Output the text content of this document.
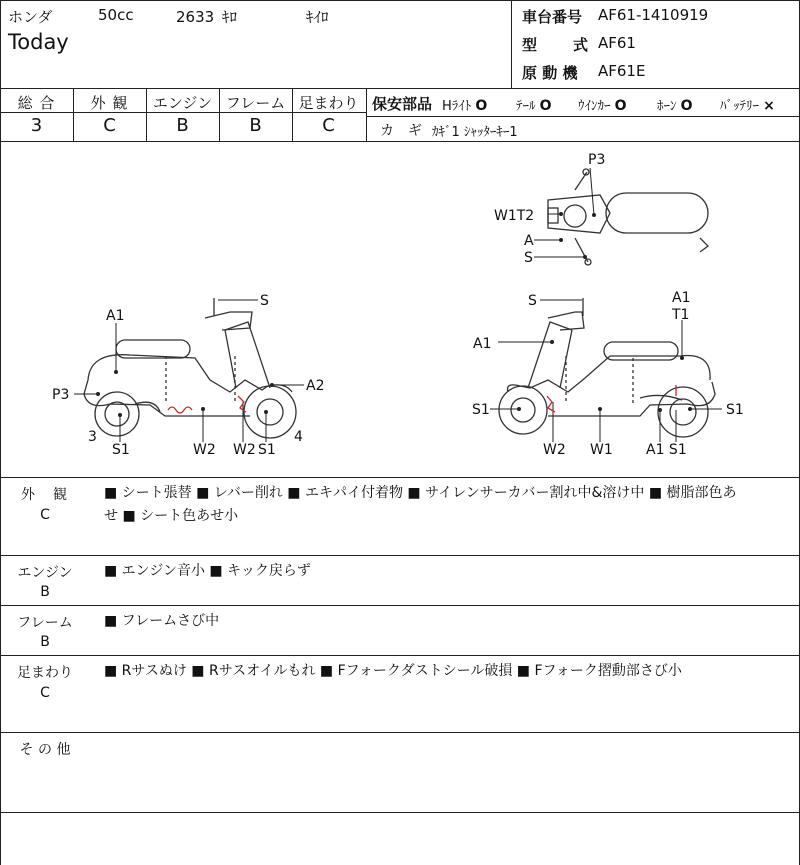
ホンダ	50cc	2633 ｷﾛ	ｷｲﾛ
Today
車台番号 AF61-1410919
型 式 AF61
原 動 機 AF61E
総 合	外 観	エンジン フレーム 足まわり
3	C	B	B	C
保安部品 Hﾗｲﾄ O ﾃｰﾙ O ｳｲﾝｶｰ O ﾎｰﾝ O ﾊﾞｯﾃﾘｰ ×
カ　ギ ｶｷﾞ1 ｼｬｯﾀｰｷｰ1
P3
W1T2
A
S
S
A1
P3
A2
3
S1	W2 W2 S1
4
S	A1
T1
A1
S1	S1
W2 W1 A1 S1
外　観
C
■ シート張替 ■ レバー削れ ■ エキパイ付着物 ■ サイレンサーカバー割れ中&溶け中 ■ 樹脂部色あ
せ ■ シート色あせ小
エンジン
B
■ エンジン音小 ■ キック戻らず
フレーム
B
■ フレームさび中
足まわり
C
■ Rサスぬけ ■ Rサスオイルもれ ■ Fフォークダストシール破損 ■ Fフォーク摺動部さび小
そ の 他
